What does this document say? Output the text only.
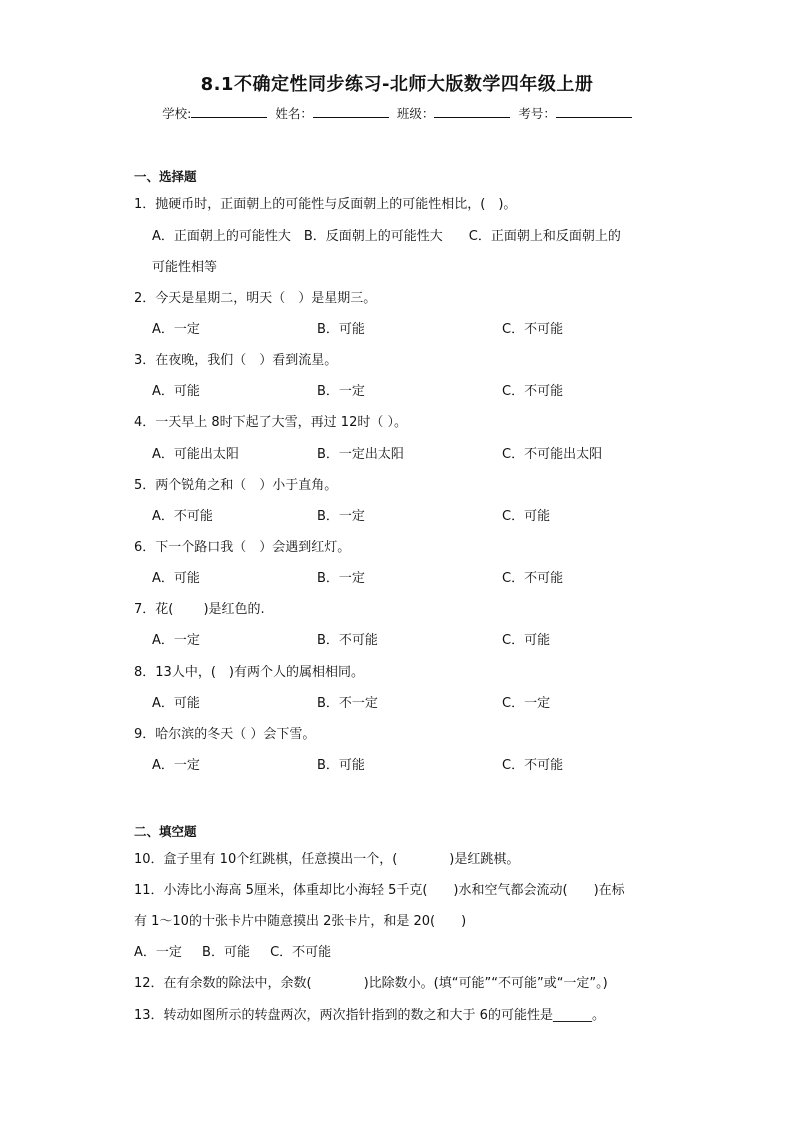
8.1不确定性同步练习-北师大版数学四年级上册
学校:	姓名：	班级：	考号：
一、选择题
1．抛硬币时，正面朝上的可能性与反面朝上的可能性相比，(　)。
A．正面朝上的可能性大　B．反面朝上的可能性大　　C．正面朝上和反面朝上的
可能性相等
2．今天是星期二，明天（　）是星期三。
A．一定	B．可能	C．不可能
3．在夜晚，我们（　）看到流星。
A．可能	B．一定	C．不可能
4．一天早上 8时下起了大雪，再过 12时（ ）。
A．可能出太阳	B．一定出太阳	C．不可能出太阳
5．两个锐角之和（　）小于直角。
A．不可能	B．一定	C．可能
6．下一个路口我（　）会遇到红灯。
A．可能	B．一定	C．不可能
7．花(　　 )是红色的.
A．一定	B．不可能	C．可能
8．13人中，(　)有两个人的属相相同。
A．可能	B．不一定	C．一定
9．哈尔滨的冬天（ ）会下雪。
A．一定	B．可能	C．不可能
二、填空题
10．盒子里有 10个红跳棋，任意摸出一个，(　　　　)是红跳棋。
11．小涛比小海高 5厘米，体重却比小海轻 5千克(　　)水和空气都会流动(　　)在标
有 1～10的十张卡片中随意摸出 2张卡片，和是 20(　　)
A．一定 B．可能 C．不可能
12．在有余数的除法中，余数(　　　　)比除数小。(填“可能”“不可能”或“一定”。)
13．转动如图所示的转盘两次，两次指针指到的数之和大于 6的可能性是______。
